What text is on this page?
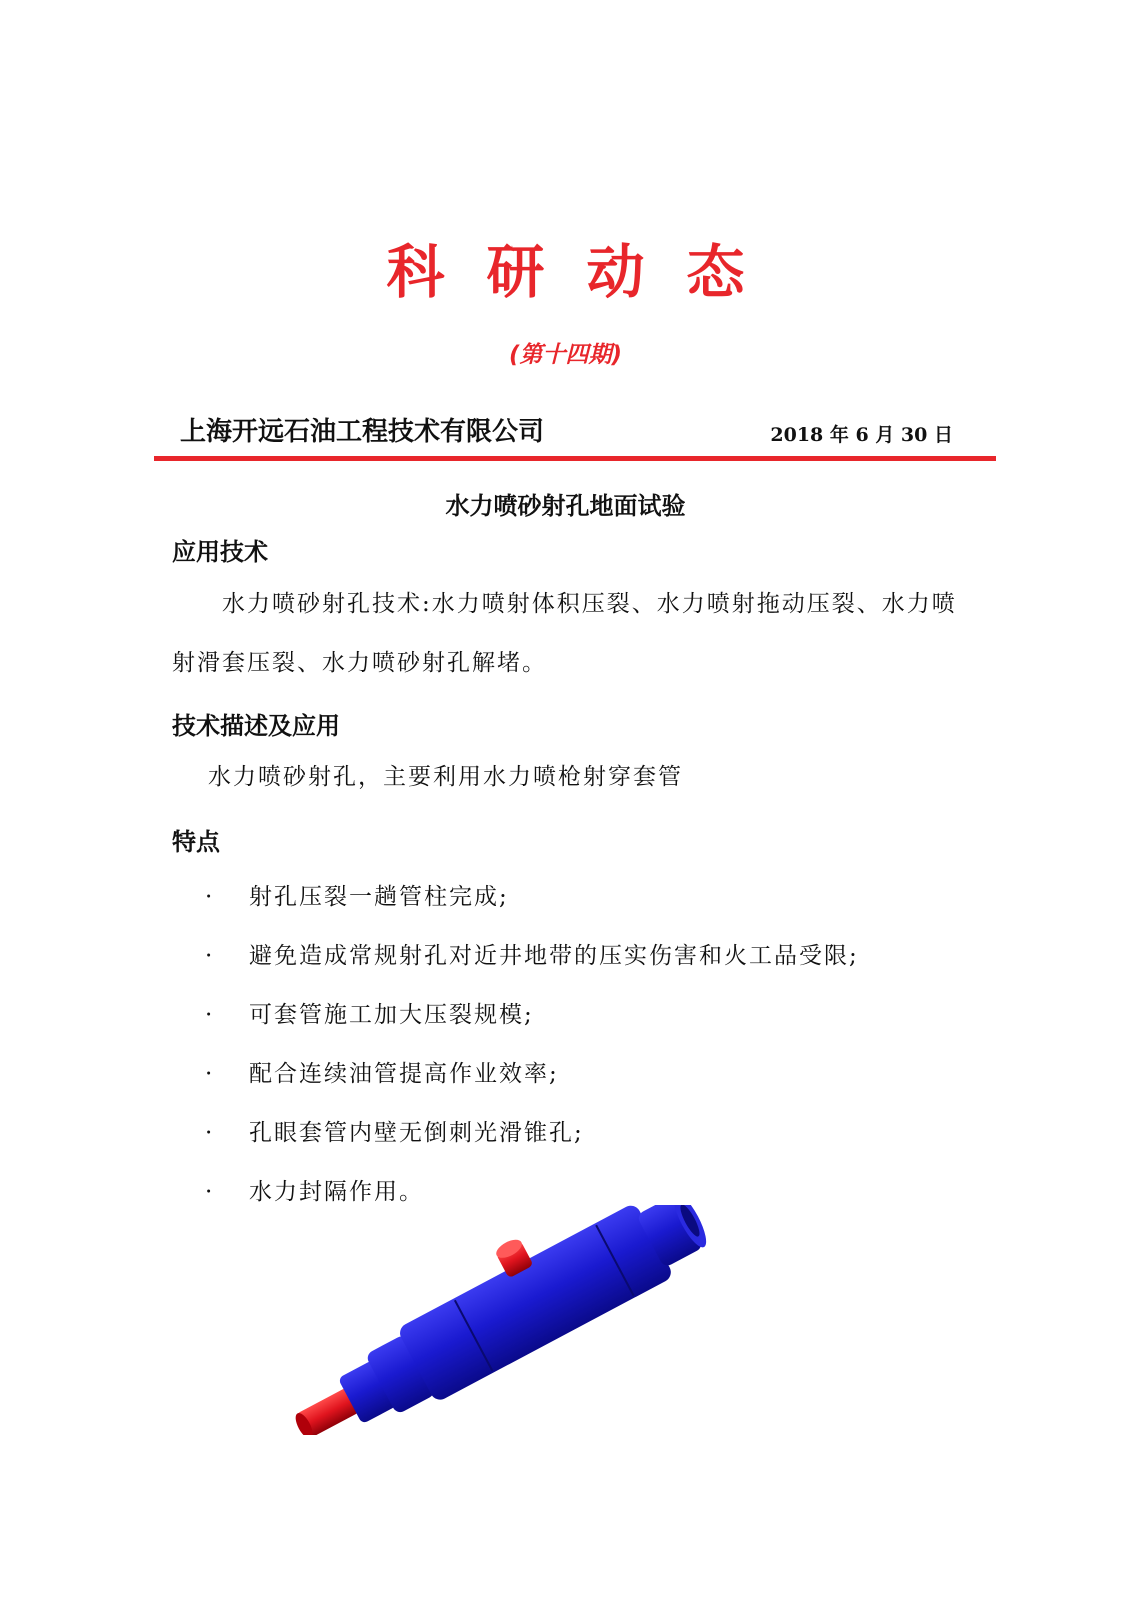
科研动态
(第十四期)
上海开远石油工程技术有限公司	2018 年 6 月 30 日
水力喷砂射孔地面试验
应用技术
水力喷砂射孔技术:水力喷射体积压裂、水力喷射拖动压裂、水力喷射滑套压裂、水力喷砂射孔解堵。
技术描述及应用
水力喷砂射孔，主要利用水力喷枪射穿套管
特点
·	射孔压裂一趟管柱完成;
·	避免造成常规射孔对近井地带的压实伤害和火工品受限;
·	可套管施工加大压裂规模;
·	配合连续油管提高作业效率;
·	孔眼套管内壁无倒刺光滑锥孔;
·	水力封隔作用。
